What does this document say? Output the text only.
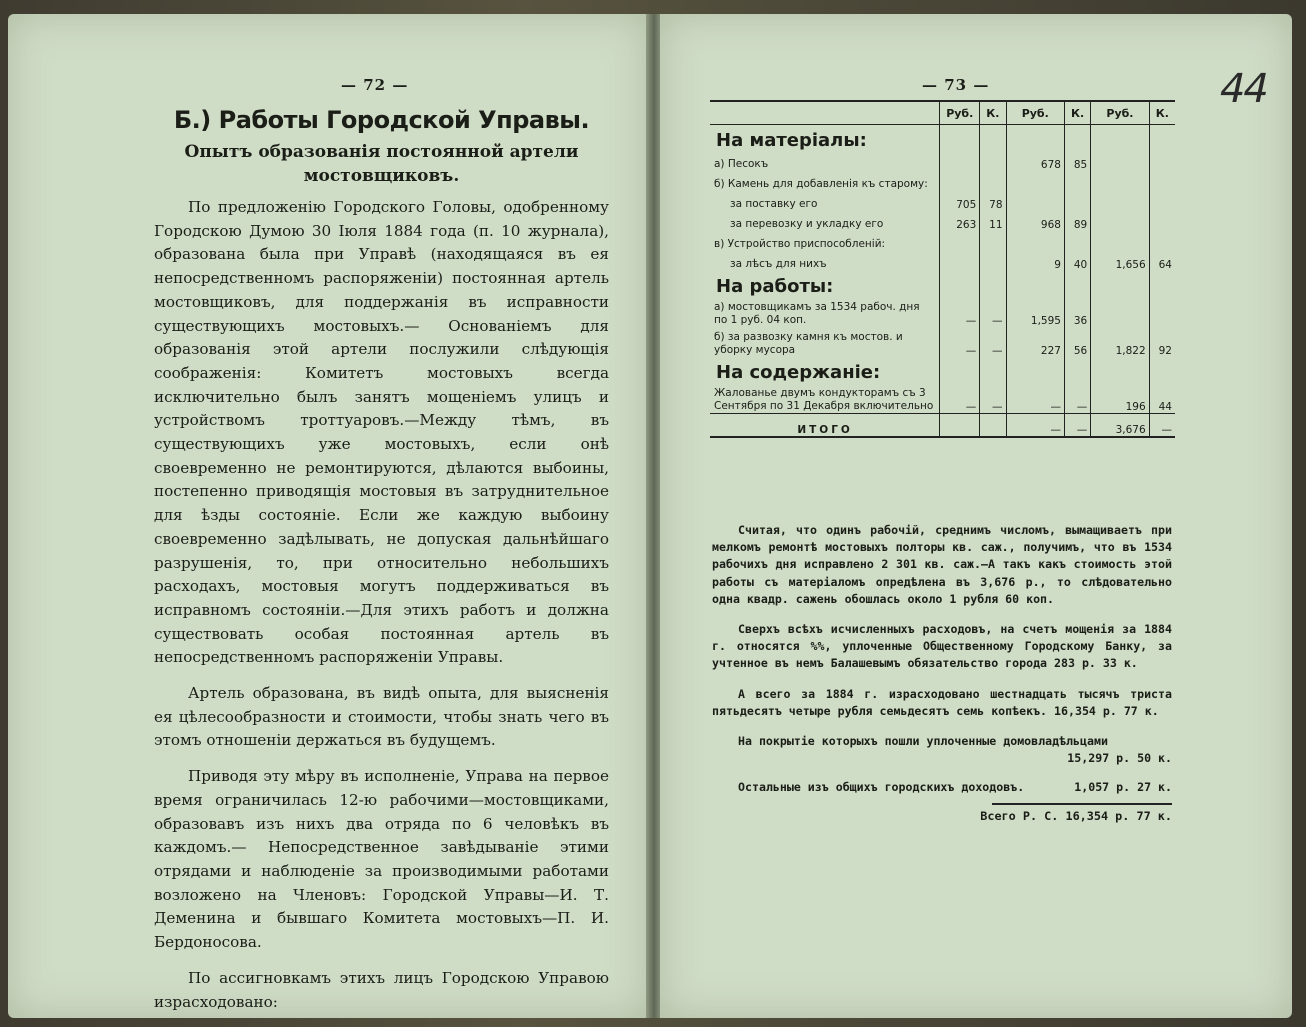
— 72 —
Б.) Работы Городской Управы.
Опытъ образованія постоянной артели мостовщиковъ.

По предложенію Городского Головы, одобренному Городскою Думою 30 Іюля 1884 года (п. 10 журнала), образована была при Управѣ (находящаяся въ ея непосредственномъ распоряженіи) постоянная артель мостовщиковъ, для поддержанія въ исправности существующихъ мостовыхъ.— Основаніемъ для образованія этой артели послужили слѣдующія соображенія: Комитетъ мостовыхъ всегда исключительно былъ занятъ мощеніемъ улицъ и устройствомъ троттуаровъ.—Между тѣмъ, въ существующихъ уже мостовыхъ, если онѣ своевременно не ремонтируются, дѣлаются выбоины, постепенно приводящія мостовыя въ затруднительное для ѣзды состояніе. Если же каждую выбоину своевременно задѣлывать, не допуская дальнѣйшаго разрушенія, то, при относительно небольшихъ расходахъ, мостовыя могутъ поддерживаться въ исправномъ состояніи.—Для этихъ работъ и должна существовать особая постоянная артель въ непосредственномъ распоряженіи Управы.

Артель образована, въ видѣ опыта, для выясненія ея цѣлесообразности и стоимости, чтобы знать чего въ этомъ отношеніи держаться въ будущемъ.

Приводя эту мѣру въ исполненіе, Управа на первое время ограничилась 12-ю рабочими—мостовщиками, образовавъ изъ нихъ два отряда по 6 человѣкъ въ каждомъ.— Непосредственное завѣдываніе этими отрядами и наблюденіе за производимыми работами возложено на Членовъ: Городской Управы—И. Т. Деменина и бывшаго Комитета мостовыхъ—П. И. Бердоносова.

По ассигновкамъ этихъ лицъ Городскою Управою израсходовано:

— 73 —	44
	Руб.	К.	Руб.	К.	Руб.	К.
На матеріалы:						
а) Песокъ			678	85		
б) Камень для добавленія къ старому:						
за поставку его	705	78				
за перевозку и укладку его	263	11	968	89		
в) Устройство приспособленій:						
за лѣсъ для нихъ			9	40	1,656	64
На работы:						
а) мостовщикамъ за 1534 рабоч. дня по 1 руб. 04 коп.	—	—	1,595	36		
б) за развозку камня къ мостов. и уборку мусора	—	—	227	56	1,822	92
На содержаніе:						
Жалованье двумъ кондукторамъ съ 3 Сентября по 31 Декабря включительно	—	—	—	—	196	44
ИТОГО			—	—	3,676	—

Считая, что одинъ рабочій, среднимъ числомъ, вымащиваетъ при мелкомъ ремонтѣ мостовыхъ полторы кв. саж., получимъ, что въ 1534 рабочихъ дня исправлено 2 301 кв. саж.—А такъ какъ стоимость этой работы съ матеріаломъ опредѣлена въ 3,676 р., то слѣдовательно одна квадр. сажень обошлась около 1 рубля 60 коп.

Сверхъ всѣхъ исчисленныхъ расходовъ, на счетъ мощенія за 1884 г. относятся %%, уплоченные Общественному Городскому Банку, за учтенное въ немъ Балашевымъ обязательство города 283 р. 33 к.

А всего за 1884 г. израсходовано шестнадцать тысячъ триста пятьдесятъ четыре рубля семьдесятъ семь копѣекъ. 16,354 р. 77 к.

На покрытіе которыхъ пошли уплоченные домовладѣльцами

15,297 р. 50 к.
Остальные изъ общихъ городскихъ доходовъ.	1,057 р. 27 к.
Всего Р. С. 16,354 р. 77 к.
